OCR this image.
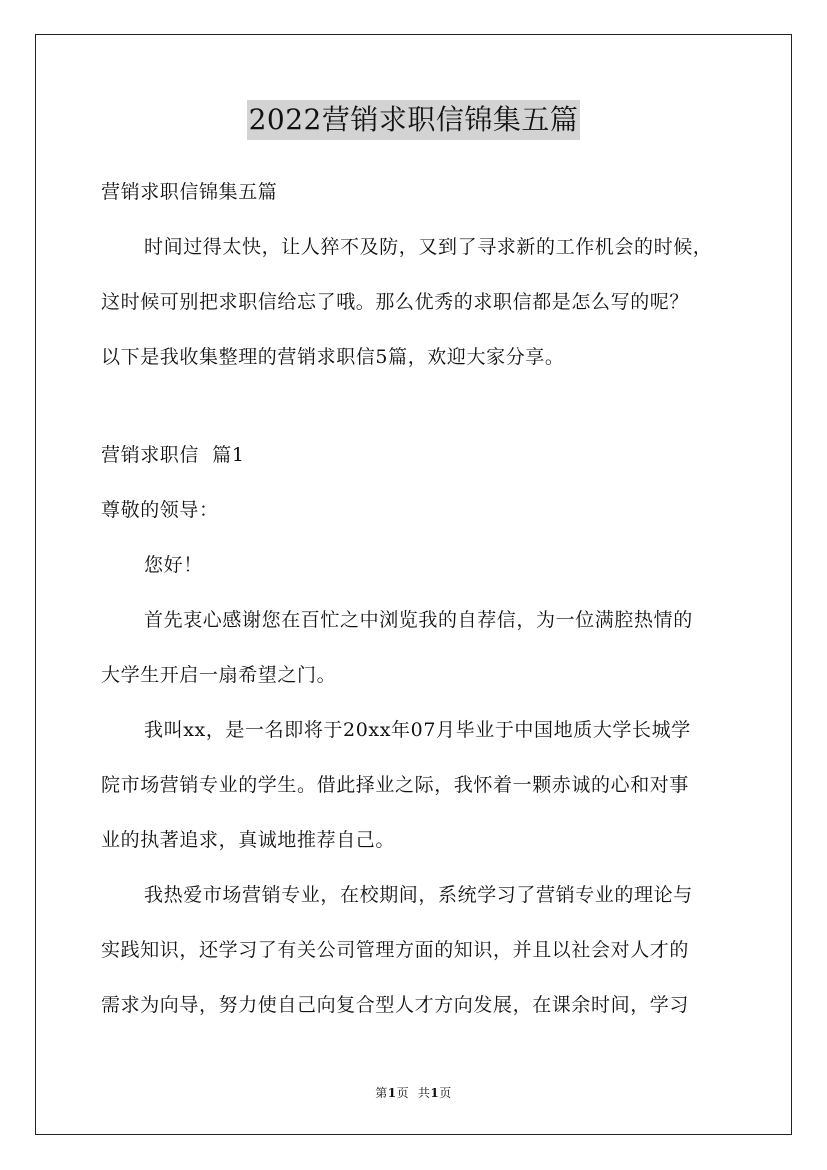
2022营销求职信锦集五篇
营销求职信锦集五篇
时间过得太快，让人猝不及防，又到了寻求新的工作机会的时候，
这时候可别把求职信给忘了哦。那么优秀的求职信都是怎么写的呢？
以下是我收集整理的营销求职信5篇，欢迎大家分享。
营销求职信  篇1
尊敬的领导：
您好！
首先衷心感谢您在百忙之中浏览我的自荐信，为一位满腔热情的
大学生开启一扇希望之门。
我叫xx，是一名即将于20xx年07月毕业于中国地质大学长城学
院市场营销专业的学生。借此择业之际，我怀着一颗赤诚的心和对事
业的执著追求，真诚地推荐自己。
我热爱市场营销专业，在校期间，系统学习了营销专业的理论与
实践知识，还学习了有关公司管理方面的知识，并且以社会对人才的
需求为向导，努力使自己向复合型人才方向发展，在课余时间，学习
第1页 共1页
